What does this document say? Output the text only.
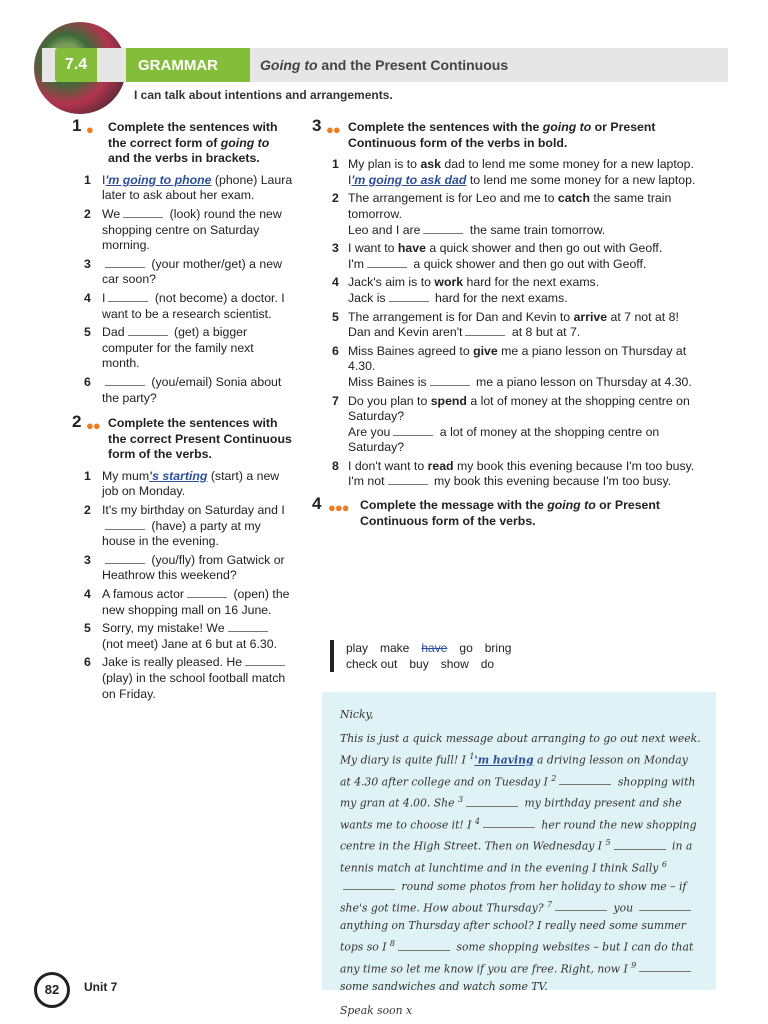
7.4	GRAMMAR	Going to and the Present Continuous
I can talk about intentions and arrangements.
1 ● Complete the sentences with the correct form of going to and the verbs in brackets.
1 I'm going to phone (phone) Laura later to ask about her exam.
2 We	(look) round the new shopping centre on Saturday morning.
3	(your mother/get) a new car soon?
4 I	(not become) a doctor. I want to be a research scientist.
5 Dad	(get) a bigger computer for the family next month.
6	(you/email) Sonia about the party?
2 ●● Complete the sentences with the correct Present Continuous form of the verbs.
1 My mum's starting (start) a new job on Monday.
2 It's my birthday on Saturday and I (have) a party at my house in the evening.
3	(you/fly) from Gatwick or Heathrow this weekend?
4 A famous actor	(open) the new shopping mall on 16 June.
5 Sorry, my mistake! We (not meet) Jane at 6 but at 6.30.
6 Jake is really pleased. He (play) in the school football match on Friday.
3 ●● Complete the sentences with the going to or Present Continuous form of the verbs in bold.
1 My plan is to ask dad to lend me some money for a new laptop.
I'm going to ask dad to lend me some money for a new laptop.
2 The arrangement is for Leo and me to catch the same train tomorrow.
Leo and I are	the same train tomorrow.
3 I want to have a quick shower and then go out with Geoff.
I'm	a quick shower and then go out with Geoff.
4 Jack's aim is to work hard for the next exams.
Jack is	hard for the next exams.
5 The arrangement is for Dan and Kevin to arrive at 7 not at 8!
Dan and Kevin aren't	at 8 but at 7.
6 Miss Baines agreed to give me a piano lesson on Thursday at 4.30.
Miss Baines is	me a piano lesson on Thursday at 4.30.
7 Do you plan to spend a lot of money at the shopping centre on Saturday?
Are you	a lot of money at the shopping centre on Saturday?
8 I don't want to read my book this evening because I'm too busy.
I'm not	my book this evening because I'm too busy.
4 ●●● Complete the message with the going to or Present Continuous form of the verbs.
play make have go bring
check out buy show do

Nicky,

This is just a quick message about arranging to go out next week. My diary is quite full! I $^1$'m having a driving lesson on Monday at 4.30 after college and on Tuesday I $^2$	shopping with my gran at 4.00. She $^3$	my birthday present and she wants me to choose it! I $^4$	her round the new shopping centre in the High Street. Then on Wednesday I $^5$	in a tennis match at lunchtime and in the evening I think Sally $^6$ round some photos from her holiday to show me – if she's got time. How about Thursday? $^7$	you  anything on Thursday after school? I really need some summer tops so I $^8$	some shopping websites – but I can do that any time so let me know if you are free. Right, now I $^9$ some sandwiches and watch some TV.

Speak soon x

82	Unit 7
